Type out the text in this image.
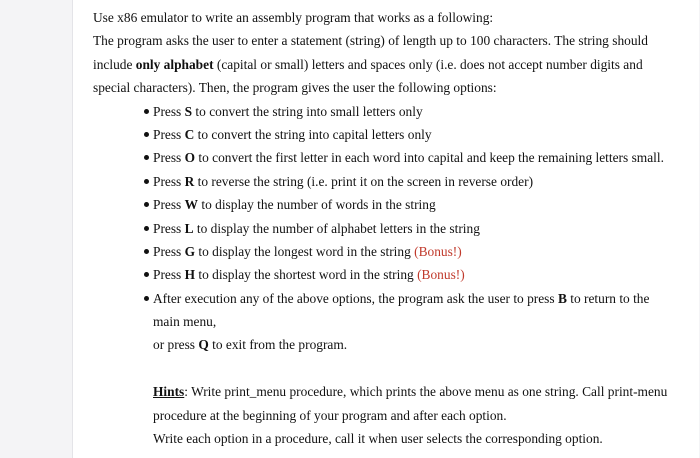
Use x86 emulator to write an assembly program that works as a following:
The program asks the user to enter a statement (string) of length up to 100 characters. The string should
include only alphabet (capital or small) letters and spaces only (i.e. does not accept number digits and
special characters). Then, the program gives the user the following options:
Press S to convert the string into small letters only
Press C to convert the string into capital letters only
Press O to convert the first letter in each word into capital and keep the remaining letters small.
Press R to reverse the string (i.e. print it on the screen in reverse order)
Press W to display the number of words in the string
Press L to display the number of alphabet letters in the string
Press G to display the longest word in the string (Bonus!)
Press H to display the shortest word in the string (Bonus!)
After execution any of the above options, the program ask the user to press B to return to the
main menu,
or press Q to exit from the program.
Hints: Write print_menu procedure, which prints the above menu as one string. Call print-menu
procedure at the beginning of your program and after each option.
Write each option in a procedure, call it when user selects the corresponding option.
